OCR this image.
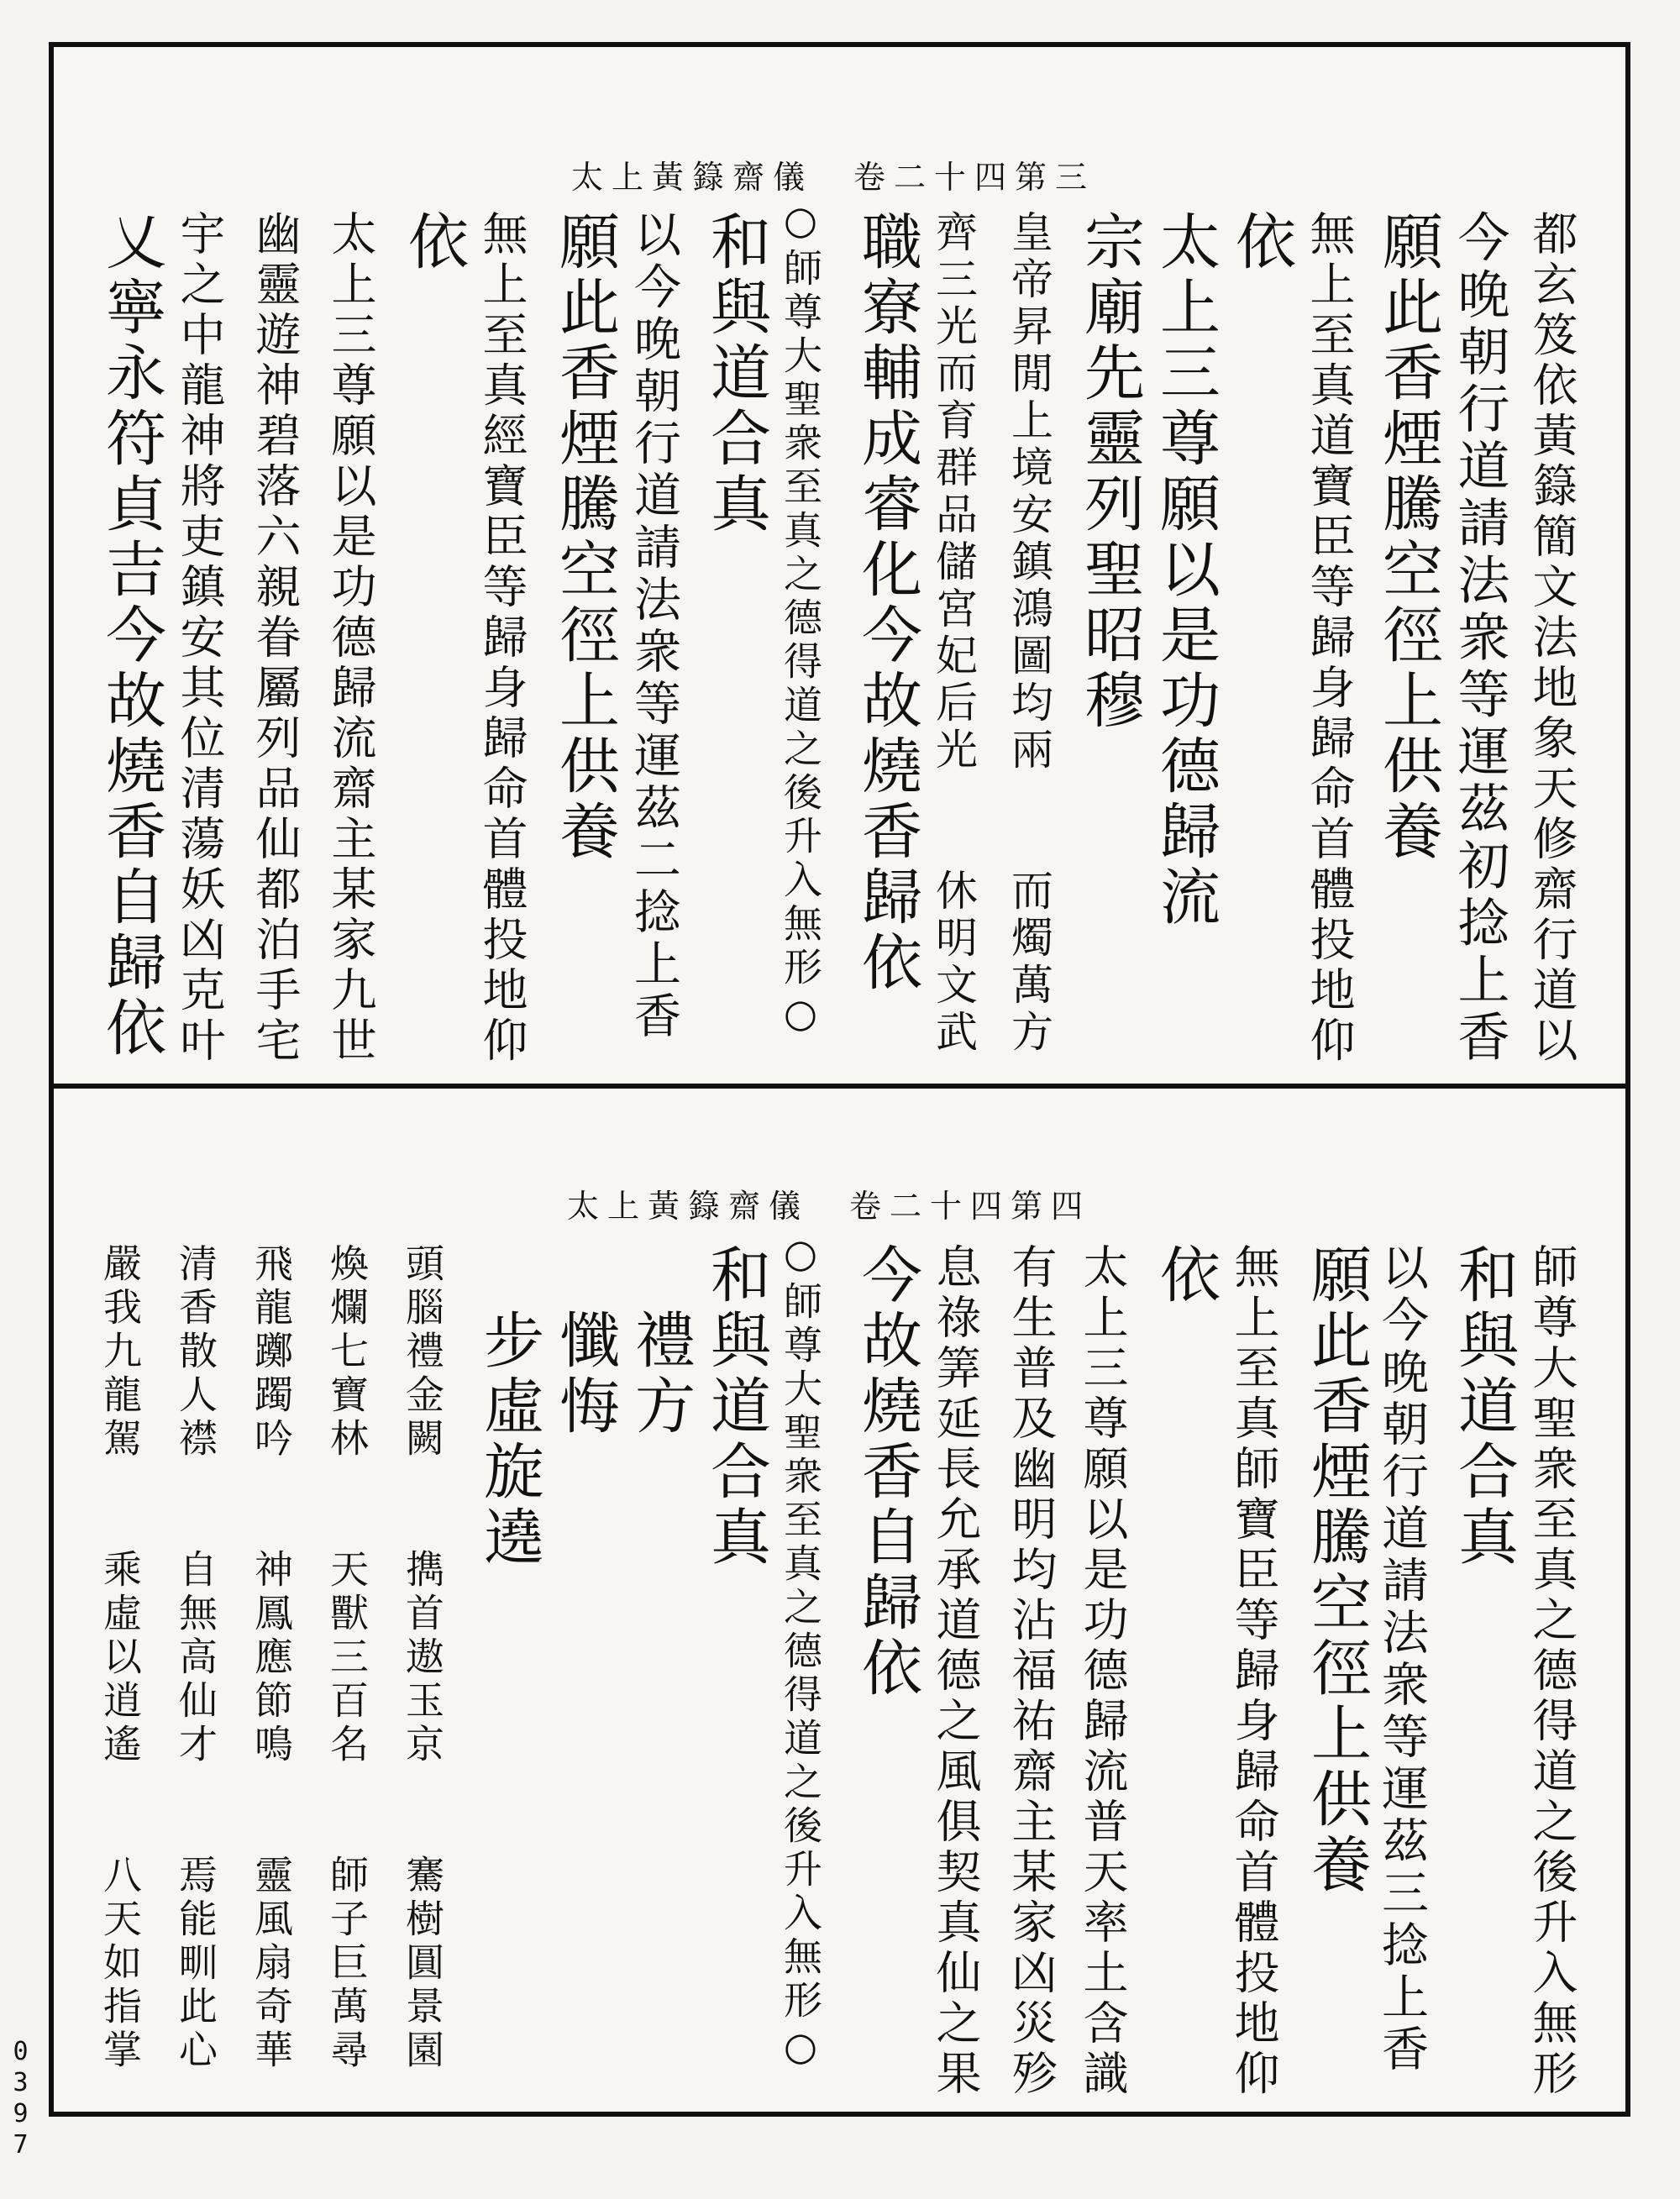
太上黃籙齋儀　卷二十四第三
太上黃籙齋儀　卷二十四第四
都玄笈依黃籙簡文法地象天修齋行道以
今晚朝行道請法衆等運茲初捻上香
願此香煙騰空徑上供養
無上至真道寶臣等歸身歸命首體投地仰
依
太上三尊願以是功德歸流
宗廟先靈列聖昭穆
皇帝昇閒上境安鎮鴻圖均兩　　而燭萬方
齊三光而育群品儲宮妃后光　　休明文武
職寮輔成睿化今故燒香歸依
○師尊大聖衆至真之德得道之後升入無形○
和與道合真
以今晚朝行道請法衆等運茲二捻上香
願此香煙騰空徑上供養
無上至真經寶臣等歸身歸命首體投地仰
依
太上三尊願以是功德歸流齋主某家九世
幽靈遊神碧落六親眷屬列品仙都泊手宅
宇之中龍神將吏鎮安其位清蕩妖凶克叶
乂寧永符貞吉今故燒香自歸依
師尊大聖衆至真之德得道之後升入無形
和與道合真
以今晚朝行道請法衆等運茲三捻上香
願此香煙騰空徑上供養
無上至真師寶臣等歸身歸命首體投地仰
依
太上三尊願以是功德歸流普天率土含識
有生普及幽明均沾福祐齋主某家凶災殄
息祿筭延長允承道德之風俱契真仙之果
今故燒香自歸依
○師尊大聖衆至真之德得道之後升入無形○
和與道合真
　禮方
　懺悔
　步虛旋遶
頭腦禮金闕　　擕首遨玉京　　騫樹圓景園
煥爛七寶林　　天獸三百名　　師子巨萬尋
飛龍躑躅吟　　神鳳應節鳴　　靈風扇奇華
清香散人襟　　自無高仙才　　焉能甽此心
嚴我九龍駕　　乘虛以逍遙　　八天如指掌
0397
